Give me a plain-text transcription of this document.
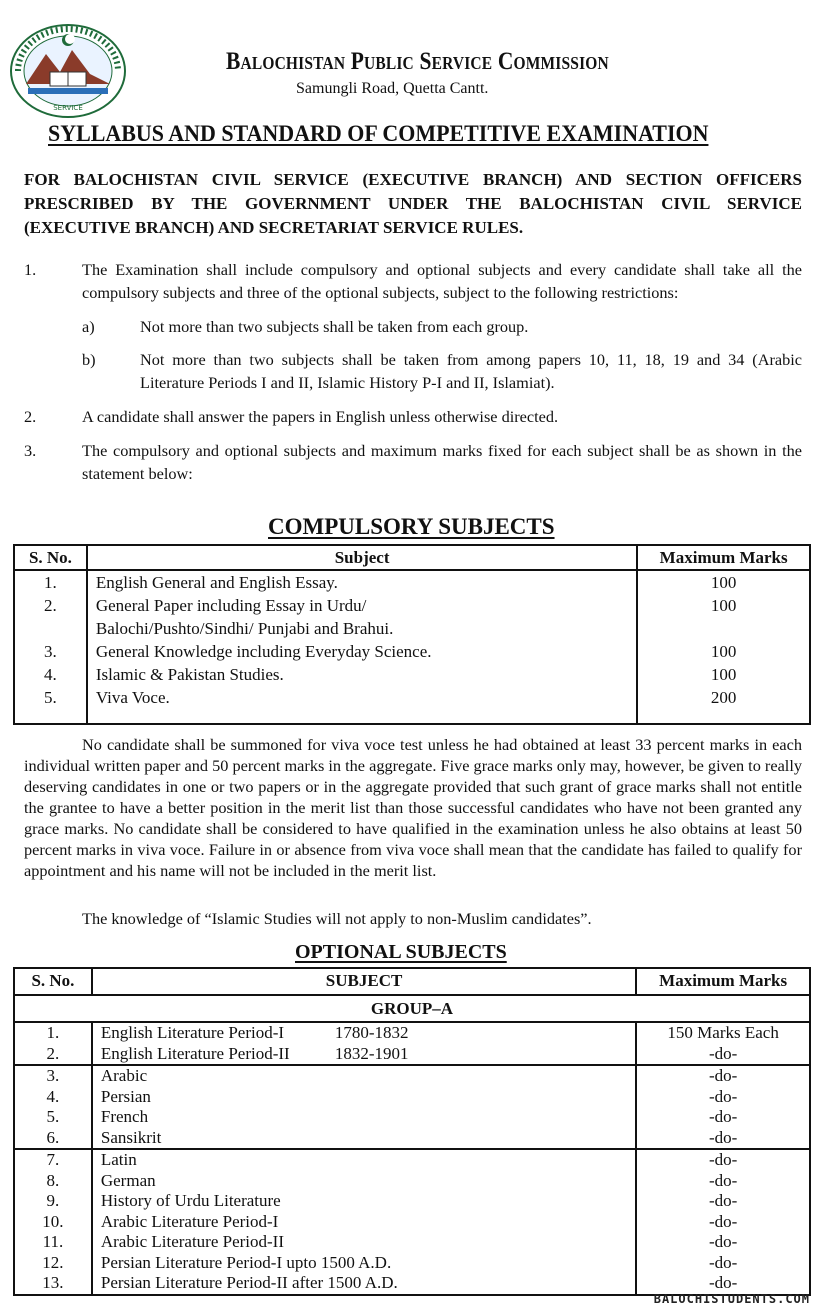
SERVICE
Balochistan Public Service Commission
Samungli Road, Quetta Cantt.
SYLLABUS AND STANDARD OF COMPETITIVE EXAMINATION
FOR BALOCHISTAN CIVIL SERVICE (EXECUTIVE BRANCH) AND SECTION OFFICERS PRESCRIBED BY THE GOVERNMENT UNDER THE BALOCHISTAN CIVIL SERVICE (EXECUTIVE BRANCH) AND SECRETARIAT SERVICE RULES.
1.	The Examination shall include compulsory and optional subjects and every candidate shall take all the compulsory subjects and three of the optional subjects, subject to the following restrictions:
a)	Not more than two subjects shall be taken from each group.
b)	Not more than two subjects shall be taken from among papers 10, 11, 18, 19 and 34 (Arabic Literature Periods I and II, Islamic History P-I and II, Islamiat).
2.	A candidate shall answer the papers in English unless otherwise directed.
3.	The compulsory and optional subjects and maximum marks fixed for each subject shall be as shown in the statement below:
COMPULSORY SUBJECTS
S. No.	Subject	Maximum Marks
1.	English General and English Essay.	100
2.	General Paper including Essay in Urdu/	100
	Balochi/Pushto/Sindhi/ Punjabi and Brahui.	
3.	General Knowledge including Everyday Science.	100
4.	Islamic & Pakistan Studies.	100
5.	Viva Voce.	200

No candidate shall be summoned for viva voce test unless he had obtained at least 33 percent marks in each individual written paper and 50 percent marks in the aggregate. Five grace marks only may, however, be given to really deserving candidates in one or two papers or in the aggregate provided that such grant of grace marks shall not entitle the grantee to have a better position in the merit list than those successful candidates who have not been granted any grace marks. No candidate shall be considered to have qualified in the examination unless he also obtains at least 50 percent marks in viva voce. Failure in or absence from viva voce shall mean that the candidate has failed to qualify for appointment and his name will not be included in the merit list.
The knowledge of “Islamic Studies will not apply to non-Muslim candidates”.
OPTIONAL SUBJECTS
S. No.	SUBJECT	Maximum Marks
GROUP–A		
1.	English Literature Period-I 1780-1832	150 Marks Each
2.	English Literature Period-II 1832-1901	-do-
3.	Arabic	-do-
4.	Persian	-do-
5.	French	-do-
6.	Sansikrit	-do-
7.	Latin	-do-
8.	German	-do-
9.	History of Urdu Literature	-do-
10.	Arabic Literature Period-I	-do-
11.	Arabic Literature Period-II	-do-
12.	Persian Literature Period-I upto 1500 A.D.	-do-
13.	Persian Literature Period-II after 1500 A.D.	-do-
BALOCHISTUDENTS.COM
